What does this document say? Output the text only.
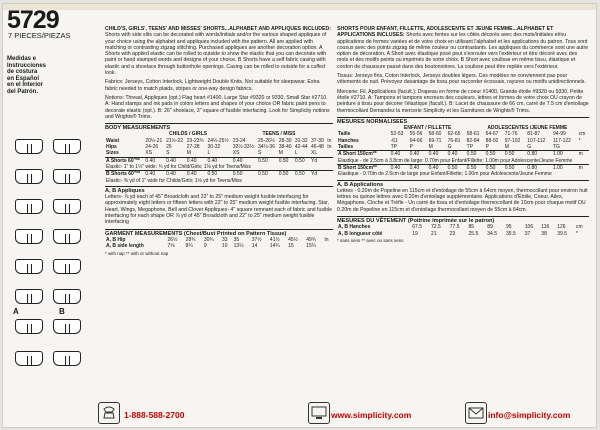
5729
7 PIECES/PIEZAS
Medidas e Instrucciones de costura en Español en el Interior del Patrón.
A	B

CHILD'S, GIRLS', TEENS' AND MISSES' SHORTS...ALPHABET AND APPLIQUES INCLUDED: Shorts with side slits can be decorated with words/initials and/or the various shaped appliques of your choice using the alphabet and appliques included with the pattern. All are applied with matching or contrasting zigzag stitching. Purchased appliques are another decoration option. A Shorts with applied elastic can be rolled to outside to show the elastic that you can decorate with paint or hand stamped words and designs of your choice. B Shorts have a self fabric casing with elastic and a shoelace through buttonhole openings. Casing can be rolled to outside for a cuffed look.

Fabrics: Jerseys, Cotton Interlock, Lightweight Double Knits. Not suitable for sleepwear. Extra fabric needed to match plaids, stripes or one-way design fabrics.

Notions: Thread, Appliques (opt.) Flag heart #1400, Large Star #9320 or 9330, Small Star #2710. A: Hand stamps and ink pads in colors letters and shapes of your choice OR fabric paint pens to decorate elastic (opt.). B: 26" shoelace, 3" square of fusible interfacing. Look for Simplicity notions and Wrights® Trims.

BODY MEASUREMENTS
	CHILDS / GIRLS				TEENS / MISS					
Waist	20½-21	21½-22	23-23¾	24½-25½	23-24	25-26½	28-30	31-32	37-39	In
Hips	24-26	26	27-28	30-32	32½-33½	34½-36	38-40	42-44	46-48	In
Sizes	XS	S	M	L	XS	S	M	L	XL	
A Shorts 60"**	0.40	0.40	0.40	0.40	0.40	0.50	0.50	0.50	Yd	
Elastic- 1" to 1½" wide: ¾ yd for Child/Girls; 1⅛ yd for Teens/Miss										
B Shorts 60"**	0.40	0.40	0.40	0.50	0.50	0.50	0.50	0.50	Yd	
Elastic- ⅜ yd of 1" wide for Childs/Girls; 1⅛ yd for Teens/Miss										
A, B Appliques

Letters- ⅞ yd each of 45" Broadcloth and 22" to 25" medium weight fusible interfacing for approximately eight letters or fifteen letters with 22" to 25" medium weight fusible interfacing. Star, Heart, Wings, Megaphone, Bell and Clover Appliques- 4" square remnant each of fabric and fusible interfacing for each shape OR ⅞ yd of 45" Broadcloth and 22" to 25" medium weight fusible interfacing

GARMENT MEASUREMENTS (Chest/Bust Printed on Pattern Tissue)
A, B Hip	26½	28¾	30¾	33	35	37½	41½	45½	49¾	In
A, B side length	7⅝	8¼	9	10	13¼	14	14¾	15	15¼	
* with nap ** with or without nap

SHORTS POUR ENFANT, FILLETTE, ADOLESCENTE ET JEUNE FEMME...ALPHABET ET APPLICATIONS INCLUSES: Shorts avec fentes sur les côtés décorés avec des mots/initiales et/ou applications de formes variées et de votre choix en utilisant l'alphabet et les applications du patron. Tous sont cousus avec des points zigzag de même couleur ou contrastants. Les appliques du commerce sont une autre option de décoration. A Short avec élastique posé peut s'enrouler vers l'extérieur et être décoré avec des mots et des motifs peints ou imprimés de votre choix. B Short avec coulisse en même tissu, élastique et cordon de chaussure passé dans des boutonnières. La coulisse peut être repliée vers l'extérieur.

Tissus: Jerseys fins, Coton Interlock, Jerseys doubles légers. Ces modèles ne conviennent pas pour vêtements de nuit. Prévoyez davantage de tissu pour raccorder écossais, rayures ou motifs unidirectionnels.

Mercerie: Fil, Applications (facult.): Drapeau en forme de coeur #1400, Grande étoile #9320 ou 9330, Petite étoile #2710. A: Tampons et tampons encreurs des couleurs, lettres et formes de votre choix OU crayon de peinture à tissu pour décorer l'élastique (facult.). B: Lacet de chaussure de 66 cm, carré de 7.5 cm d'entoilage thermocollant Demandez la mercerie Simplicity et les Garnitures de Wrights® Trims.

MESURES NORMALISEES
	ENFANT / FILLETTE				ADOLESCENTES /JEUNE FEMME					
Taille	52-53	55-56	58-60	62-65	58-61	64-67	71-76	81-87	94-99	cm
Hanches	-61	64-66	69-71	76-81	82-84	88-92	97-102	107-112	117-122	*
Tailles	TP	P	M	G	TP	P	M	G	TG	
A Short 150cm**	0.40	0.40	0.40	0.40	0.50	0.50	0.50	0.80	1.00	m
Elastique - de 2.5cm à 3.8cm de large: 0.70m pour Enfant/Fillette; 1.00m pour Adolescente/Jeune Femme										
B Short 150cm**	0.40	0.40	0.40	0.50	0.50	0.50	0.50	0.80	1.00	m
Elastique - 0.70m de 2.5cm de large pour Enfant/Fillette; 1.00m pour Adolescente/Jeune Femme										
A, B Applications

Lettres - 0.20m de Popeline en 115cm et d'entoilage de 55cm à 64cm moyen, thermocollant pour environ huit lettres ou quinze lettres avec 0.20m d'entoilage supplémentaire. Applications d'Étoile, Coeur, Ailes, Mégaphone, Cloche et Trèfle - Un carré de tissu et d'entoilage thermocollant de 10cm pour chaque motif OU 0.20m de Popeline en 115cm et d'entoilage thermocollant moyen de 55cm à 64cm.

MESURES DU VÊTEMENT (Poitrine imprimée sur le patron)
A, B Hanches	67.5	72.5	77.5	85	89	95	106	116	126	cm
A, B longueur côté	19	21	23	25.5	34.5	35.5	37	38	39.5	*
* sans sens ** avec ou sans sens
1-888-588-2700	www.simplicity.com	info@simplicity.com
